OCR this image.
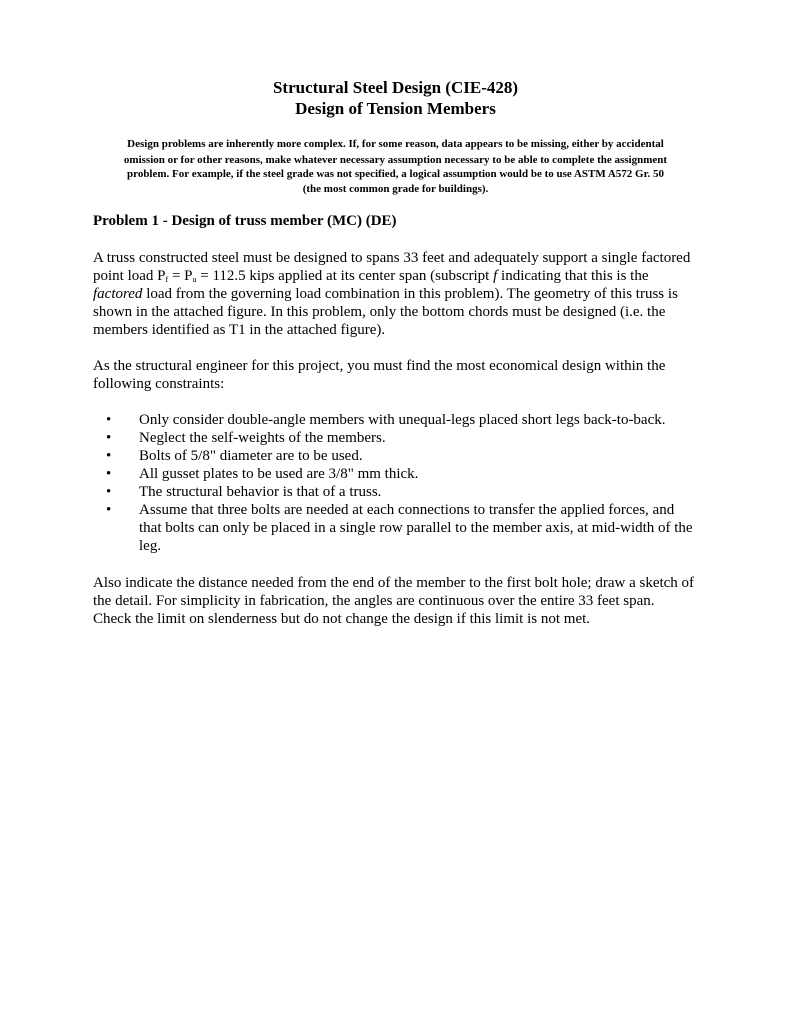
Structural Steel Design (CIE-428)
Design of Tension Members
Design problems are inherently more complex. If, for some reason, data appears to be missing, either by accidental
omission or for other reasons, make whatever necessary assumption necessary to be able to complete the assignment
problem. For example, if the steel grade was not specified, a logical assumption would be to use ASTM A572 Gr. 50
(the most common grade for buildings).
Problem 1 - Design of truss member (MC) (DE)
A truss constructed steel must be designed to spans 33 feet and adequately support a single factored
point load $P_f = P_u = 112.5$ kips applied at its center span (subscript f indicating that this is the
factored load from the governing load combination in this problem). The geometry of this truss is
shown in the attached figure. In this problem, only the bottom chords must be designed (i.e. the
members identified as T1 in the attached figure).
As the structural engineer for this project, you must find the most economical design within the
following constraints:
• Only consider double-angle members with unequal-legs placed short legs back-to-back.
• Neglect the self-weights of the members.
• Bolts of 5/8" diameter are to be used.
• All gusset plates to be used are 3/8" mm thick.
• The structural behavior is that of a truss.
• Assume that three bolts are needed at each connections to transfer the applied forces, and
that bolts can only be placed in a single row parallel to the member axis, at mid-width of the
leg.
Also indicate the distance needed from the end of the member to the first bolt hole; draw a sketch of
the detail. For simplicity in fabrication, the angles are continuous over the entire 33 feet span.
Check the limit on slenderness but do not change the design if this limit is not met.
